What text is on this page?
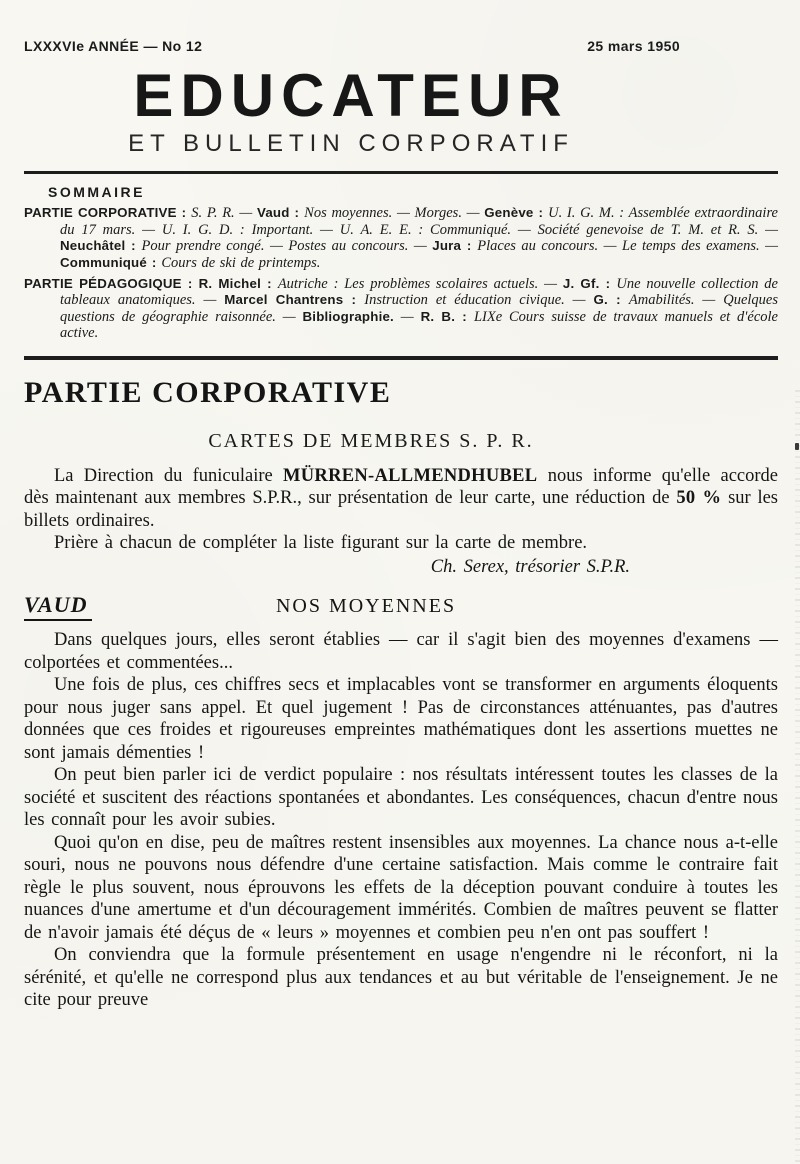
LXXXVIe ANNÉE — No 12	25 mars 1950
EDUCATEUR
ET BULLETIN CORPORATIF
SOMMAIRE

PARTIE CORPORATIVE : S. P. R. — Vaud : Nos moyennes. — Morges. — Genève : U. I. G. M. : Assemblée extraordinaire du 17 mars. — U. I. G. D. : Important. — U. A. E. E. : Communiqué. — Société genevoise de T. M. et R. S. — Neuchâtel : Pour prendre congé. — Postes au concours. — Jura : Places au concours. — Le temps des examens. — Communiqué : Cours de ski de printemps.

PARTIE PÉDAGOGIQUE : R. Michel : Autriche : Les problèmes scolaires actuels. — J. Gf. : Une nouvelle collection de tableaux anatomiques. — Marcel Chantrens : Instruction et éducation civique. — G. : Amabilités. — Quelques questions de géographie raisonnée. — Bibliographie. — R. B. : LIXe Cours suisse de travaux manuels et d'école active.

PARTIE CORPORATIVE
CARTES DE MEMBRES S. P. R.

La Direction du funiculaire MÜRREN-ALLMENDHUBEL nous informe qu'elle accorde dès maintenant aux membres S.P.R., sur présentation de leur carte, une réduction de 50 % sur les billets ordinaires.

Prière à chacun de compléter la liste figurant sur la carte de membre.

Ch. Serex, trésorier S.P.R.
VAUD	NOS MOYENNES

Dans quelques jours, elles seront établies — car il s'agit bien des moyennes d'examens — colportées et commentées...

Une fois de plus, ces chiffres secs et implacables vont se transformer en arguments éloquents pour nous juger sans appel. Et quel jugement ! Pas de circonstances atténuantes, pas d'autres données que ces froides et rigoureuses empreintes mathématiques dont les assertions muettes ne sont jamais démenties !

On peut bien parler ici de verdict populaire : nos résultats intéressent toutes les classes de la société et suscitent des réactions spontanées et abondantes. Les conséquences, chacun d'entre nous les connaît pour les avoir subies.

Quoi qu'on en dise, peu de maîtres restent insensibles aux moyennes. La chance nous a-t-elle souri, nous ne pouvons nous défendre d'une certaine satisfaction. Mais comme le contraire fait règle le plus souvent, nous éprouvons les effets de la déception pouvant conduire à toutes les nuances d'une amertume et d'un découragement immérités. Combien de maîtres peuvent se flatter de n'avoir jamais été déçus de « leurs » moyennes et combien peu n'en ont pas souffert !

On conviendra que la formule présentement en usage n'engendre ni le réconfort, ni la sérénité, et qu'elle ne correspond plus aux tendances et au but véritable de l'enseignement. Je ne cite pour preuve
